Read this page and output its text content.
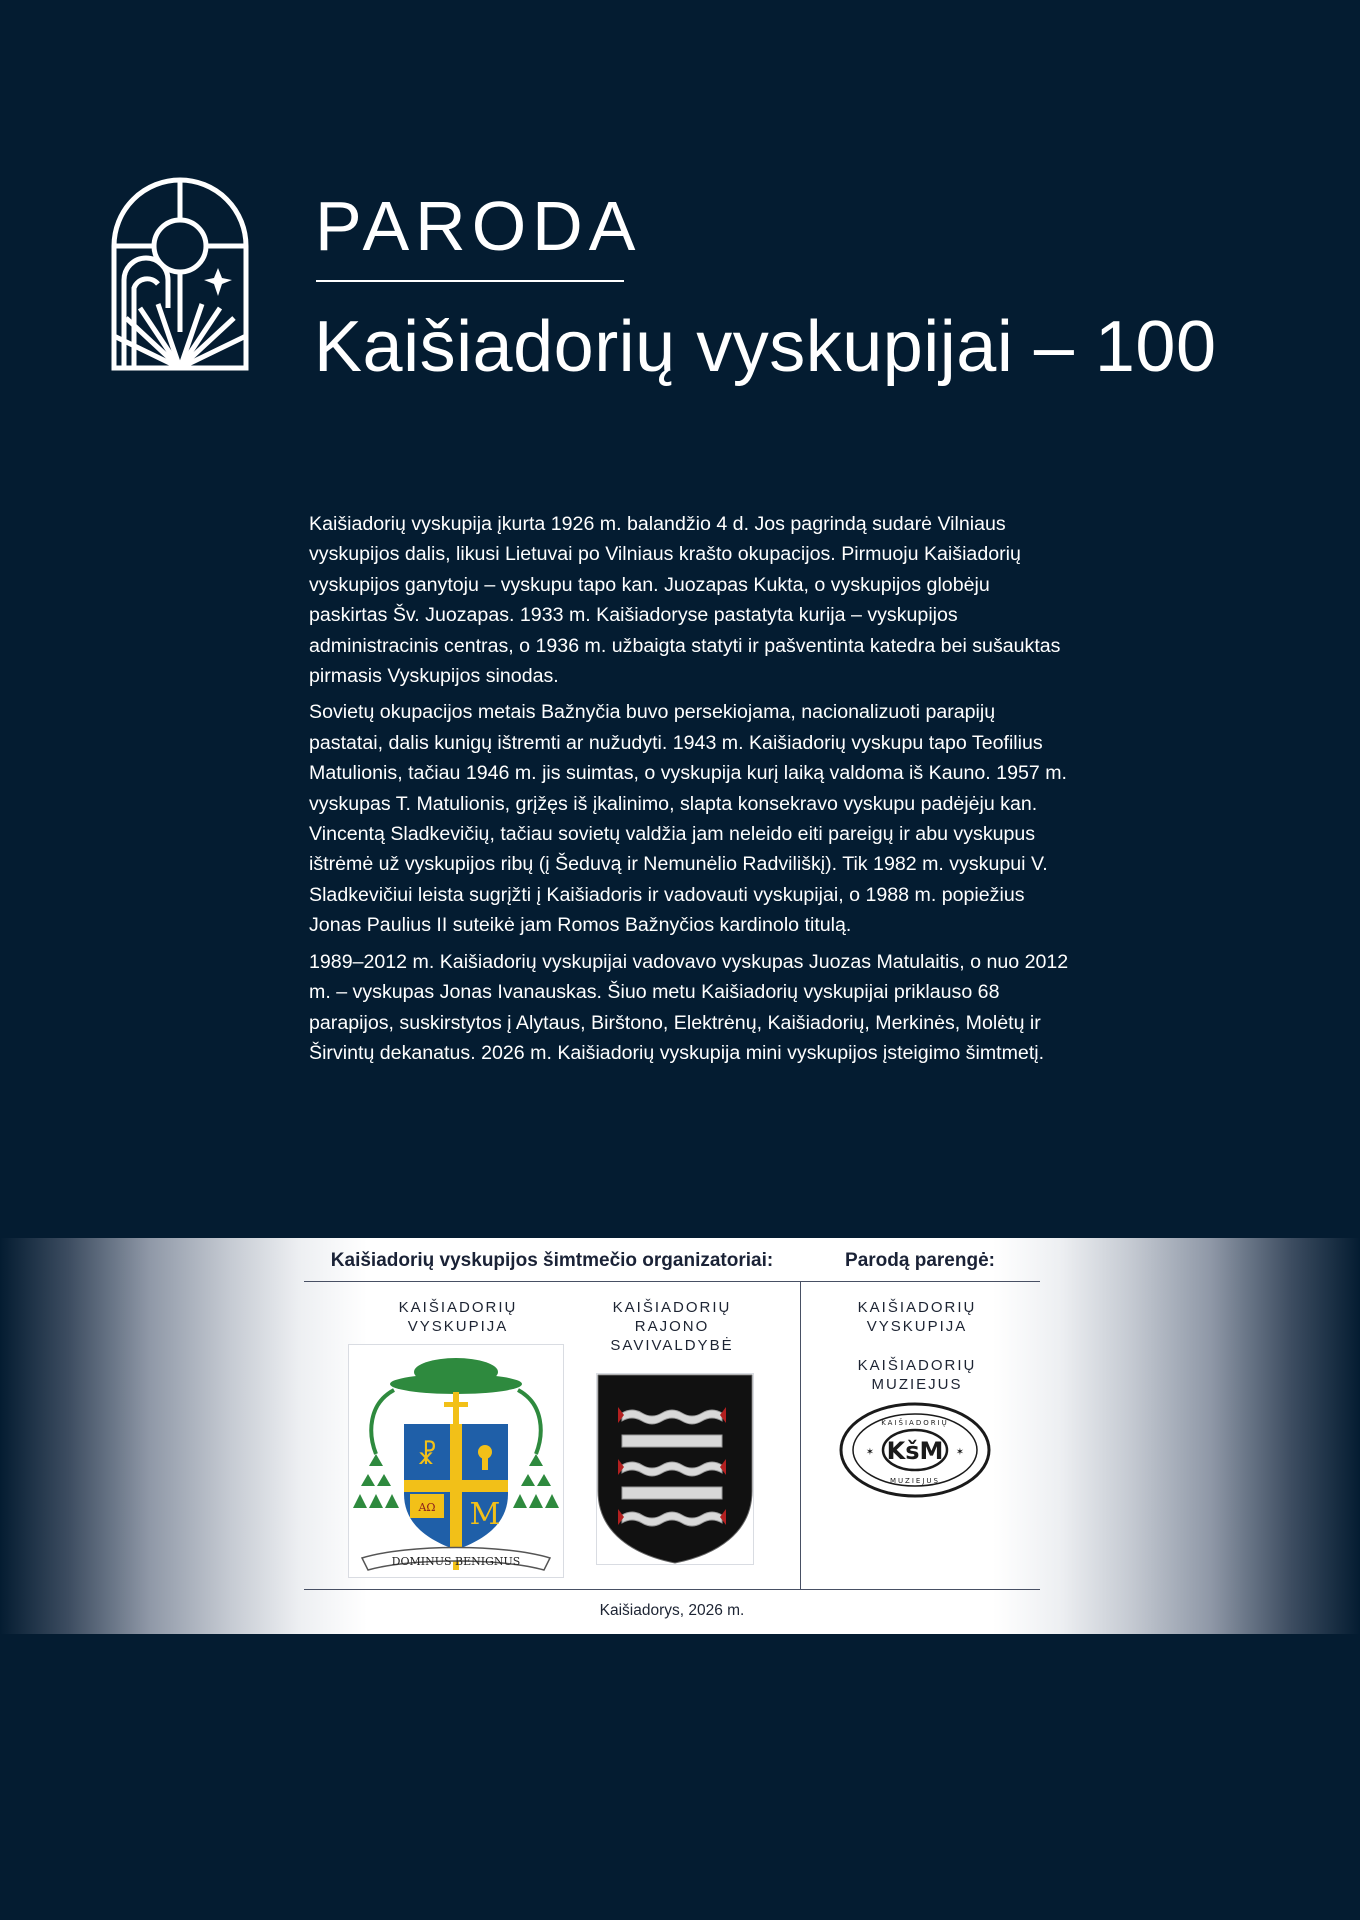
PARODA
Kaišiadorių vyskupijai – 100

Kaišiadorių vyskupija įkurta 1926 m. balandžio 4 d. Jos pagrindą sudarė Vilniaus vyskupijos dalis, likusi Lietuvai po Vilniaus krašto okupacijos. Pirmuoju Kaišiadorių vyskupijos ganytoju – vyskupu tapo kan. Juozapas Kukta, o vyskupijos globėju paskirtas Šv. Juozapas. 1933 m. Kaišiadoryse pastatyta kurija – vyskupijos administracinis centras, o 1936 m. užbaigta statyti ir pašventinta katedra bei sušauktas pirmasis Vyskupijos sinodas.

Sovietų okupacijos metais Bažnyčia buvo persekiojama, nacionalizuoti parapijų pastatai, dalis kunigų ištremti ar nužudyti. 1943 m. Kaišiadorių vyskupu tapo Teofilius Matulionis, tačiau 1946 m. jis suimtas, o vyskupija kurį laiką valdoma iš Kauno. 1957 m. vyskupas T. Matulionis, grįžęs iš įkalinimo, slapta konsekravo vyskupu padėjėju kan. Vincentą Sladkevičių, tačiau sovietų valdžia jam neleido eiti pareigų ir abu vyskupus ištrėmė už vyskupijos ribų (į Šeduvą ir Nemunėlio Radviliškį). Tik 1982 m. vyskupui V. Sladkevičiui leista sugrįžti į Kaišiadoris ir vadovauti vyskupijai, o 1988 m. popiežius Jonas Paulius II suteikė jam Romos Bažnyčios kardinolo titulą.

1989–2012 m. Kaišiadorių vyskupijai vadovavo vyskupas Juozas Matulaitis, o nuo 2012 m. – vyskupas Jonas Ivanauskas. Šiuo metu Kaišiadorių vyskupijai priklauso 68 parapijos, suskirstytos į Alytaus, Birštono, Elektrėnų, Kaišiadorių, Merkinės, Molėtų ir Širvintų dekanatus. 2026 m. Kaišiadorių vyskupija mini vyskupijos įsteigimo šimtmetį.

Kaišiadorių vyskupijos šimtmečio organizatoriai:	Parodą parengė:
KAIŠIADORIŲ
VYSKUPIJA
AΩ
☧
M
DOMINUS BENIGNUS
KAIŠIADORIŲ
RAJONO
SAVIVALDYBĖ
KAIŠIADORIŲ
VYSKUPIJA
KAIŠIADORIŲ
MUZIEJUS
KAIŠIADORIŲ
MUZIEJUS
KšM
✶	✶
Kaišiadorys, 2026 m.
